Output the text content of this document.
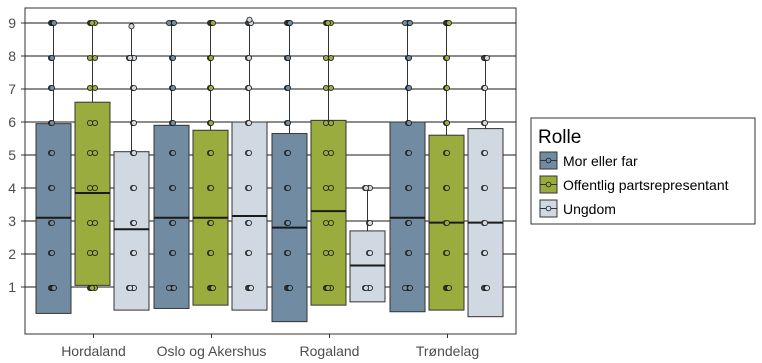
1
2
3
4
5
6
7
8
9
Hordaland Oslo og Akershus Rogaland	Trøndelag
Rolle
Mor eller far
Offentlig partsrepresentant
Ungdom
